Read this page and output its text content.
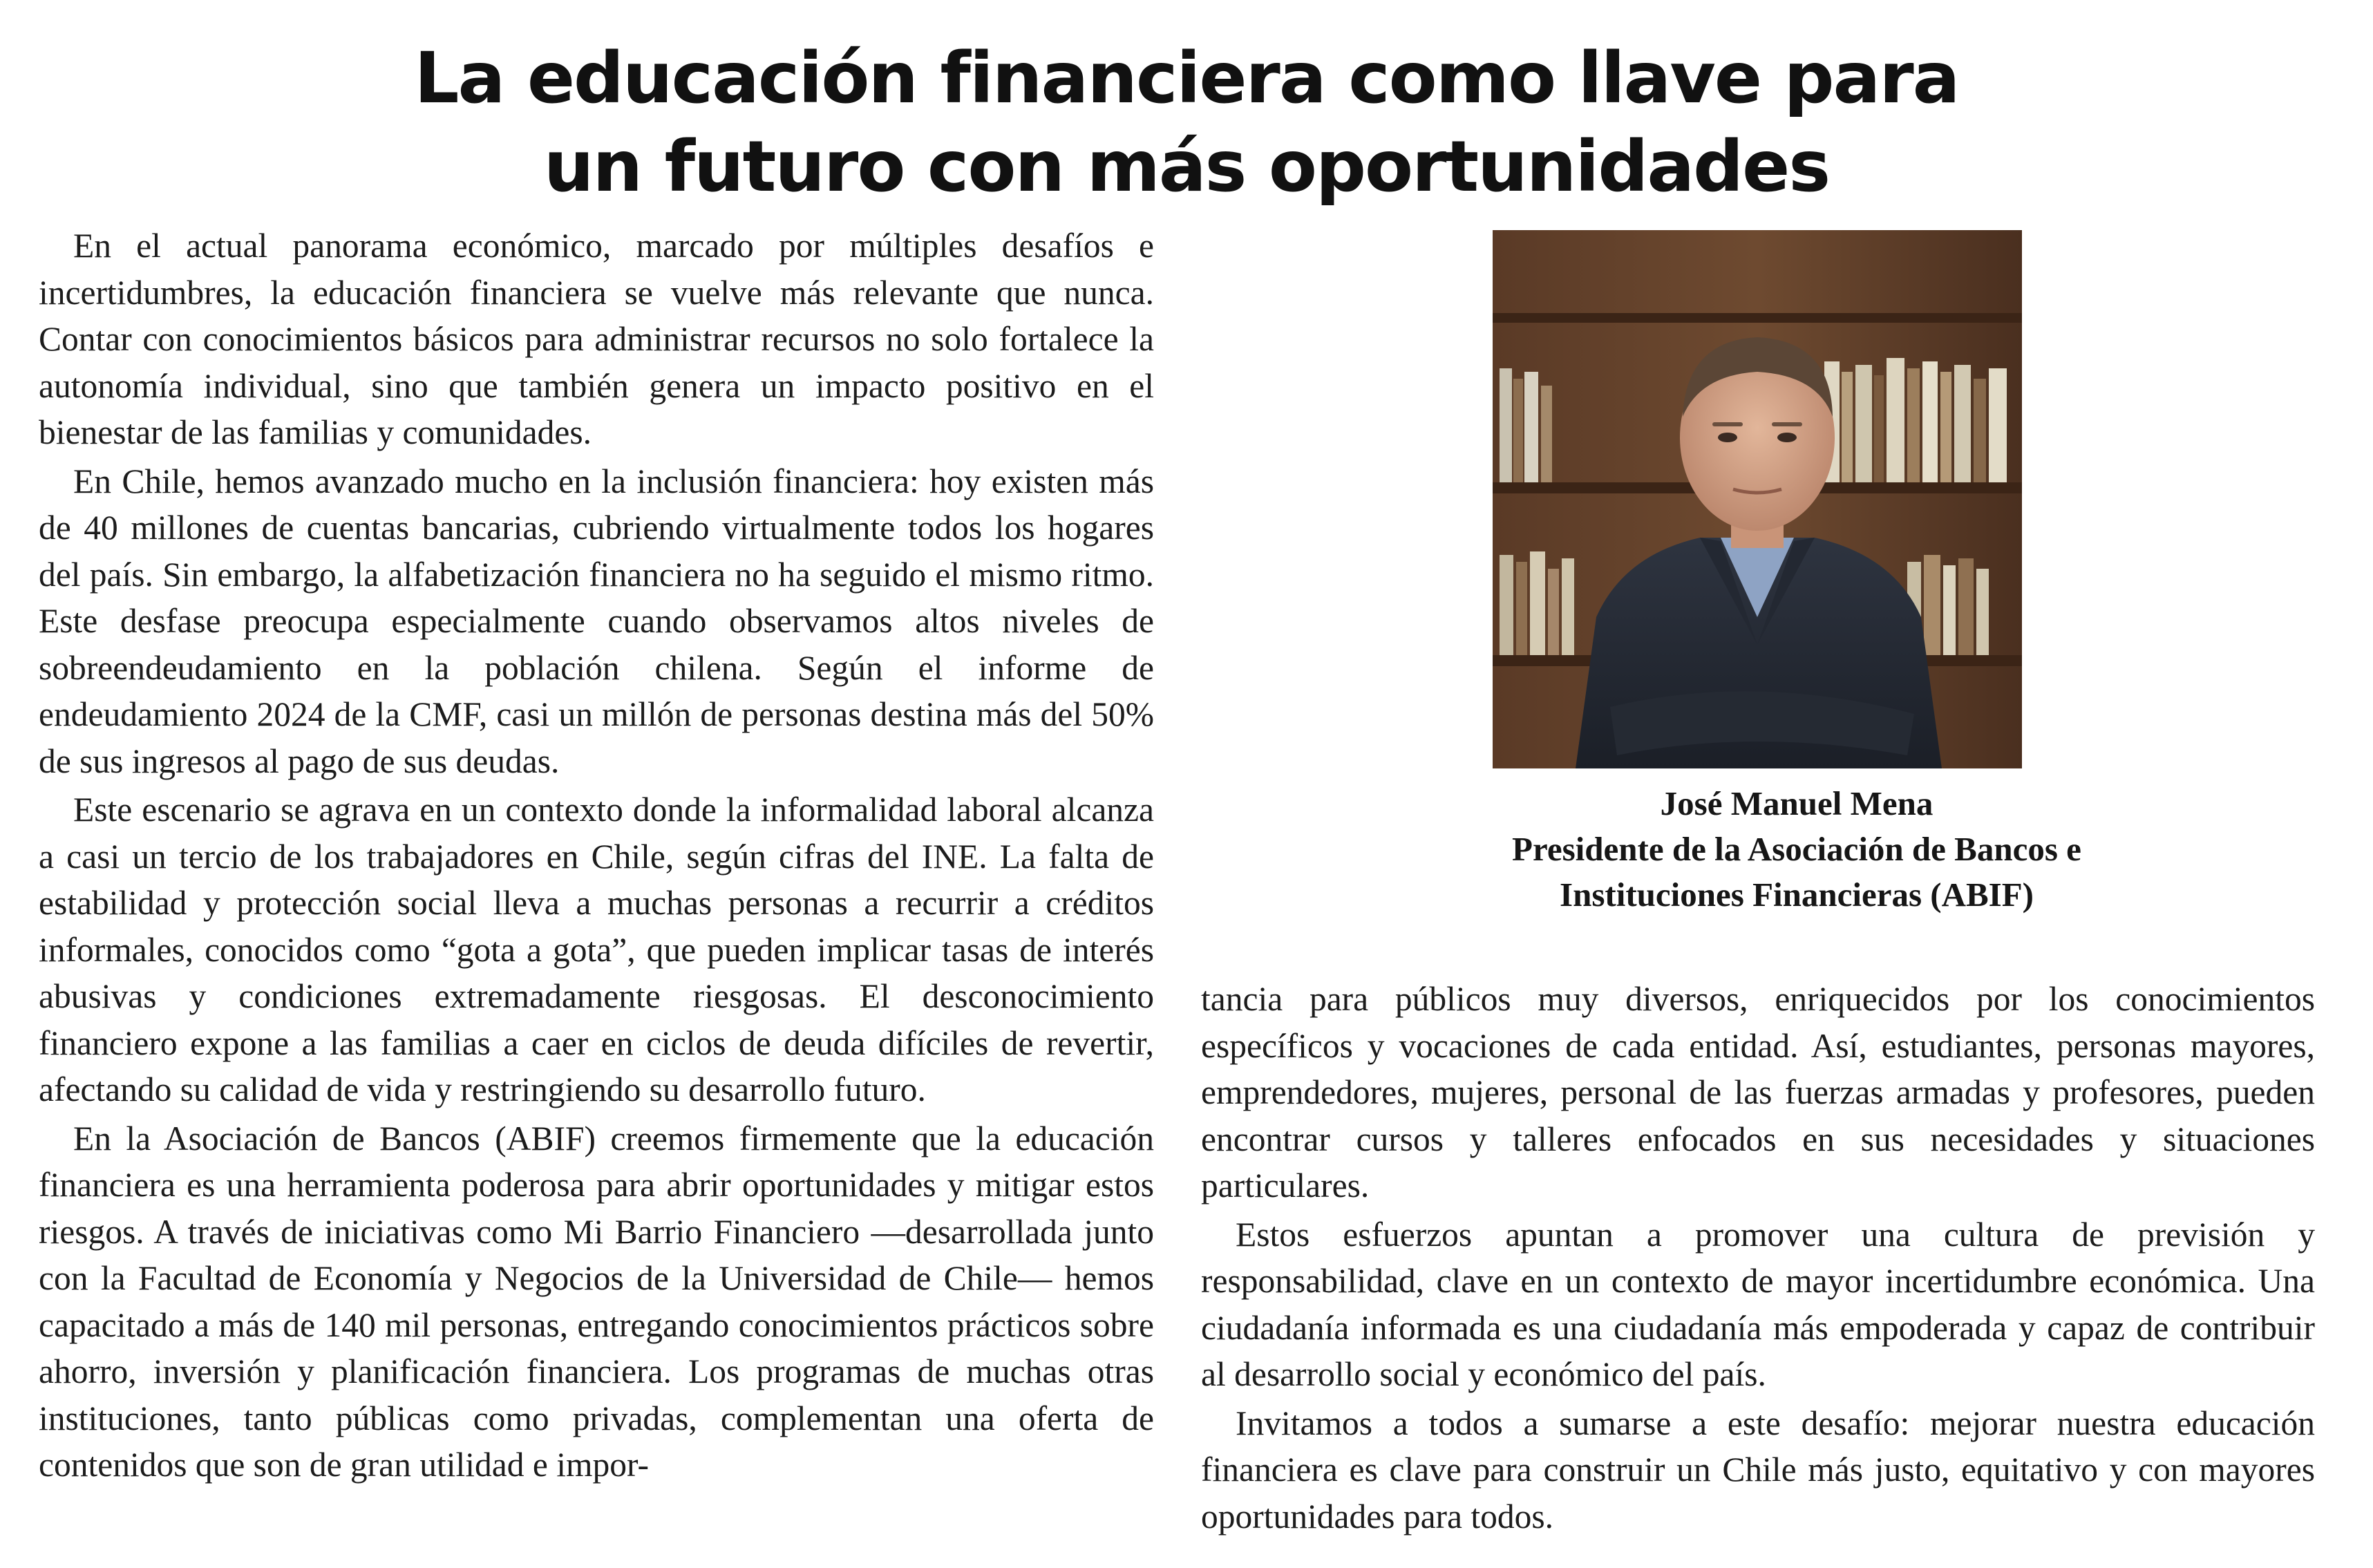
La educación financiera como llave para
un futuro con más oportunidades

En el actual panorama económico, marcado por múltiples desafíos e incertidumbres, la educación financiera se vuelve más relevante que nunca. Contar con conocimientos básicos para administrar recursos no solo fortalece la autonomía individual, sino que también genera un impacto positivo en el bienestar de las familias y comunidades.

En Chile, hemos avanzado mucho en la inclusión financiera: hoy existen más de 40 millones de cuentas bancarias, cubriendo virtualmente todos los hogares del país. Sin embargo, la alfabetización financiera no ha seguido el mismo ritmo. Este desfase preocupa especialmente cuando observamos altos niveles de sobreendeudamiento en la población chilena. Según el informe de endeudamiento 2024 de la CMF, casi un millón de personas destina más del 50% de sus ingresos al pago de sus deudas.

Este escenario se agrava en un contexto donde la informalidad laboral alcanza a casi un tercio de los trabajadores en Chile, según cifras del INE. La falta de estabilidad y protección social lleva a muchas personas a recurrir a créditos informales, conocidos como “gota a gota”, que pueden implicar tasas de interés abusivas y condiciones extremadamente riesgosas. El desconocimiento financiero expone a las familias a caer en ciclos de deuda difíciles de revertir, afectando su calidad de vida y restringiendo su desarrollo futuro.

En la Asociación de Bancos (ABIF) creemos firmemente que la educación financiera es una herramienta poderosa para abrir oportunidades y mitigar estos riesgos. A través de iniciativas como Mi Barrio Financiero —desarrollada junto con la Facultad de Economía y Negocios de la Universidad de Chile— hemos capacitado a más de 140 mil personas, entregando conocimientos prácticos sobre ahorro, inversión y planificación financiera. Los programas de muchas otras instituciones, tanto públicas como privadas, complementan una oferta de contenidos que son de gran utilidad e impor-

José Manuel Mena
Presidente de la Asociación de Bancos e
Instituciones Financieras (ABIF)

tancia para públicos muy diversos, enriquecidos por los conocimientos específicos y vocaciones de cada entidad. Así, estudiantes, personas mayores, emprendedores, mujeres, personal de las fuerzas armadas y profesores, pueden encontrar cursos y talleres enfocados en sus necesidades y situaciones particulares.

Estos esfuerzos apuntan a promover una cultura de previsión y responsabilidad, clave en un contexto de mayor incertidumbre económica. Una ciudadanía informada es una ciudadanía más empoderada y capaz de contribuir al desarrollo social y económico del país.

Invitamos a todos a sumarse a este desafío: mejorar nuestra educación financiera es clave para construir un Chile más justo, equitativo y con mayores oportunidades para todos.
